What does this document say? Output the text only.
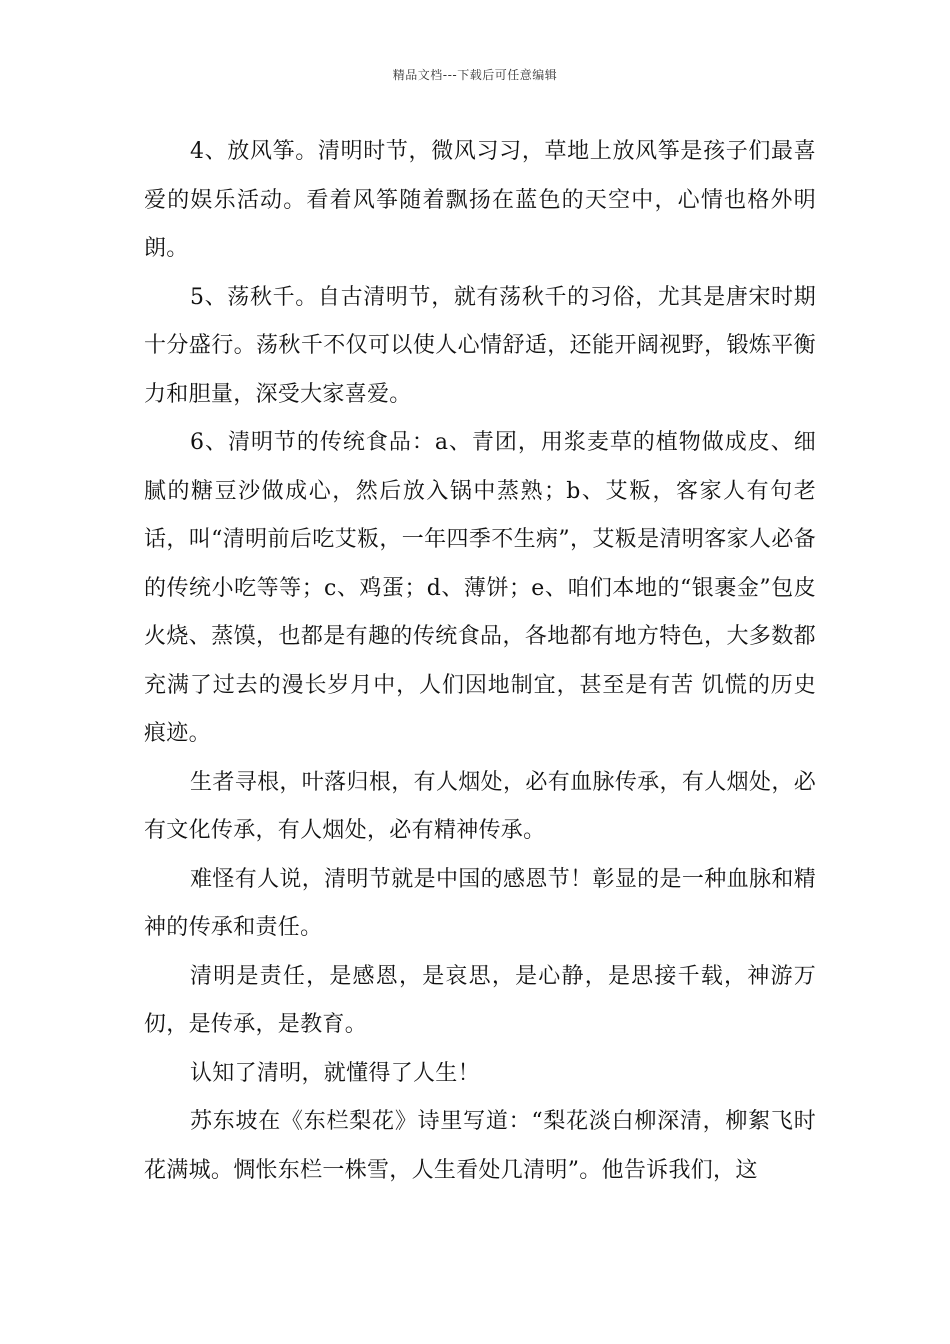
精品文档---下载后可任意编辑

4、放风筝。清明时节，微风习习，草地上放风筝是孩子们最喜爱的娱乐活动。看着风筝随着飘扬在蓝色的天空中，心情也格外明朗。

5、荡秋千。自古清明节，就有荡秋千的习俗，尤其是唐宋时期十分盛行。荡秋千不仅可以使人心情舒适，还能开阔视野，锻炼平衡力和胆量，深受大家喜爱。

6、清明节的传统食品：a、青团，用浆麦草的植物做成皮、细腻的糖豆沙做成心，然后放入锅中蒸熟；b、艾粄，客家人有句老话，叫“清明前后吃艾粄，一年四季不生病”，艾粄是清明客家人必备的传统小吃等等；c、鸡蛋；d、薄饼；e、咱们本地的“银裹金”包皮火烧、蒸馍，也都是有趣的传统食品，各地都有地方特色，大多数都充满了过去的漫长岁月中，人们因地制宜，甚至是有苦 饥慌的历史痕迹。

生者寻根，叶落归根，有人烟处，必有血脉传承，有人烟处，必有文化传承，有人烟处，必有精神传承。

难怪有人说，清明节就是中国的感恩节！彰显的是一种血脉和精神的传承和责任。

清明是责任，是感恩，是哀思，是心静，是思接千载，神游万仞，是传承，是教育。

认知了清明，就懂得了人生！

苏东坡在《东栏梨花》诗里写道：“梨花淡白柳深清，柳絮飞时花满城。惆怅东栏一株雪，人生看处几清明”。他告诉我们，这
